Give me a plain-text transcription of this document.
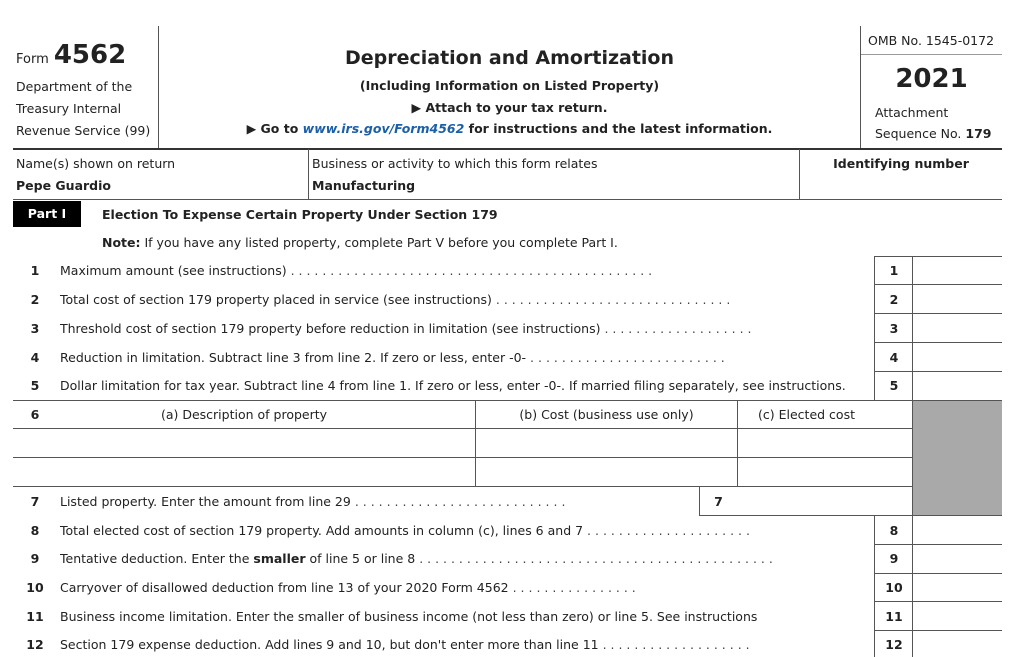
Form 4562
Department of the
Treasury Internal
Revenue Service (99)
Depreciation and Amortization
(Including Information on Listed Property)
▶ Attach to your tax return.
▶ Go to www.irs.gov/Form4562 for instructions and the latest information.
OMB No. 1545-0172
2021
Attachment
Sequence No. 179
Name(s) shown on return
Pepe Guardio
Business or activity to which this form relates
Manufacturing
Identifying number
Part I	Election To Expense Certain Property Under Section 179
Note: If you have any listed property, complete Part V before you complete Part I.
1	Maximum amount (see instructions) . . . . . . . . . . . . . . . . . . . . . . . . . . . . . . . . . . . . . . . . . . . . . .	1
2	Total cost of section 179 property placed in service (see instructions) . . . . . . . . . . . . . . . . . . . . . . . . . . . . . .	2
3	Threshold cost of section 179 property before reduction in limitation (see instructions) . . . . . . . . . . . . . . . . . . .	3
4	Reduction in limitation. Subtract line 3 from line 2. If zero or less, enter -0- . . . . . . . . . . . . . . . . . . . . . . . . .	4
5	Dollar limitation for tax year. Subtract line 4 from line 1. If zero or less, enter -0-. If married filing separately, see instructions.	5
6	(a) Description of property	(b) Cost (business use only)	(c) Elected cost
7	Listed property. Enter the amount from line 29 . . . . . . . . . . . . . . . . . . . . . . . . . . .	7
8	Total elected cost of section 179 property. Add amounts in column (c), lines 6 and 7 . . . . . . . . . . . . . . . . . . . . .	8
9	Tentative deduction. Enter the smaller of line 5 or line 8 . . . . . . . . . . . . . . . . . . . . . . . . . . . . . . . . . . . . . . . . . . . . .	9
10	Carryover of disallowed deduction from line 13 of your 2020 Form 4562 . . . . . . . . . . . . . . . .	10
11	Business income limitation. Enter the smaller of business income (not less than zero) or line 5. See instructions	11
12	Section 179 expense deduction. Add lines 9 and 10, but don't enter more than line 11 . . . . . . . . . . . . . . . . . . .	12
